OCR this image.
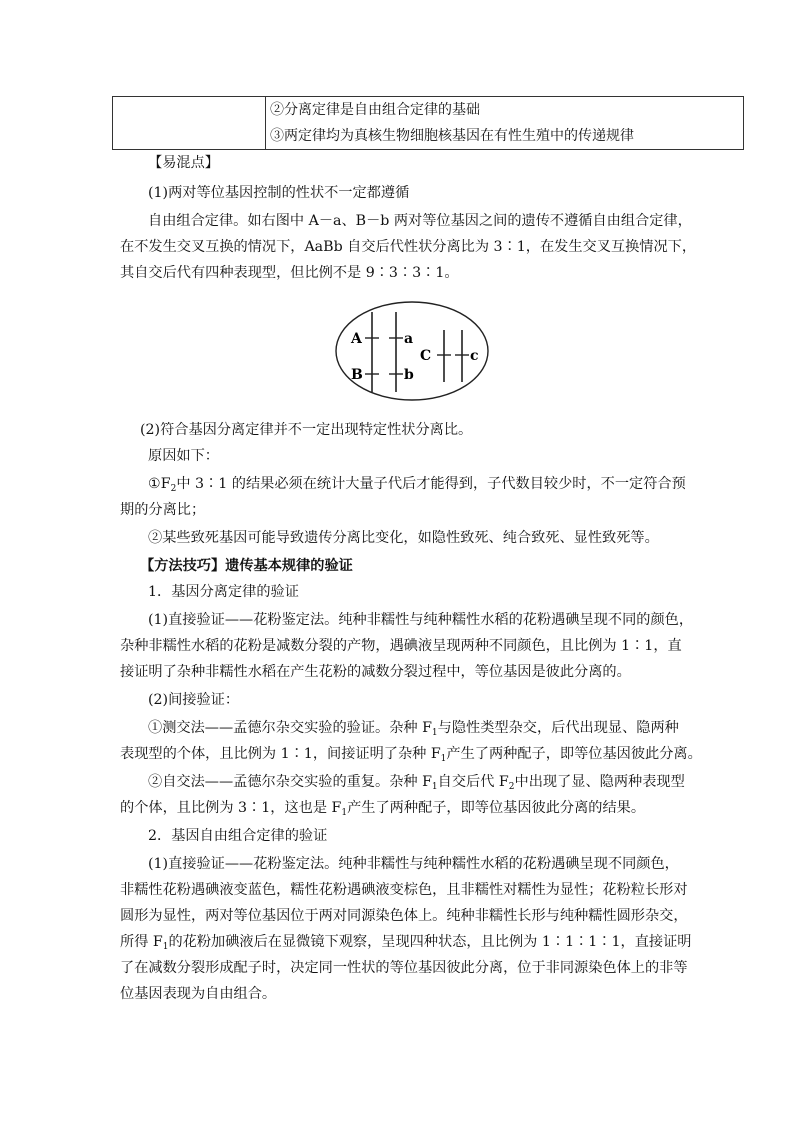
②分离定律是自由组合定律的基础
③两定律均为真核生物细胞核基因在有性生殖中的传递规律
【易混点】
(1)两对等位基因控制的性状不一定都遵循
自由组合定律。如右图中 A－a、B－b 两对等位基因之间的遗传不遵循自由组合定律，
在不发生交叉互换的情况下，AaBb 自交后代性状分离比为 3∶1，在发生交叉互换情况下，
其自交后代有四种表现型，但比例不是 9∶3∶3∶1。
A	a
B	b
C	c
(2)符合基因分离定律并不一定出现特定性状分离比。
原因如下：
$①F_2$中 3∶1 的结果必须在统计大量子代后才能得到，子代数目较少时，不一定符合预
期的分离比；
②某些致死基因可能导致遗传分离比变化，如隐性致死、纯合致死、显性致死等。
【方法技巧】遗传基本规律的验证
1．基因分离定律的验证
(1)直接验证——花粉鉴定法。纯种非糯性与纯种糯性水稻的花粉遇碘呈现不同的颜色，
杂种非糯性水稻的花粉是减数分裂的产物，遇碘液呈现两种不同颜色，且比例为 1∶1，直
接证明了杂种非糯性水稻在产生花粉的减数分裂过程中，等位基因是彼此分离的。
(2)间接验证：
①测交法——孟德尔杂交实验的验证。杂种 $F_1$与隐性类型杂交，后代出现显、隐两种
表现型的个体，且比例为 1∶1，间接证明了杂种 $F_1$产生了两种配子，即等位基因彼此分离。
②自交法——孟德尔杂交实验的重复。杂种 $F_1$自交后代 $F_2$中出现了显、隐两种表现型
的个体，且比例为 3∶1，这也是 $F_1$产生了两种配子，即等位基因彼此分离的结果。
2．基因自由组合定律的验证
(1)直接验证——花粉鉴定法。纯种非糯性与纯种糯性水稻的花粉遇碘呈现不同颜色，
非糯性花粉遇碘液变蓝色，糯性花粉遇碘液变棕色，且非糯性对糯性为显性；花粉粒长形对
圆形为显性，两对等位基因位于两对同源染色体上。纯种非糯性长形与纯种糯性圆形杂交，
所得 $F_1$的花粉加碘液后在显微镜下观察，呈现四种状态，且比例为 1∶1∶1∶1，直接证明
了在减数分裂形成配子时，决定同一性状的等位基因彼此分离，位于非同源染色体上的非等
位基因表现为自由组合。
